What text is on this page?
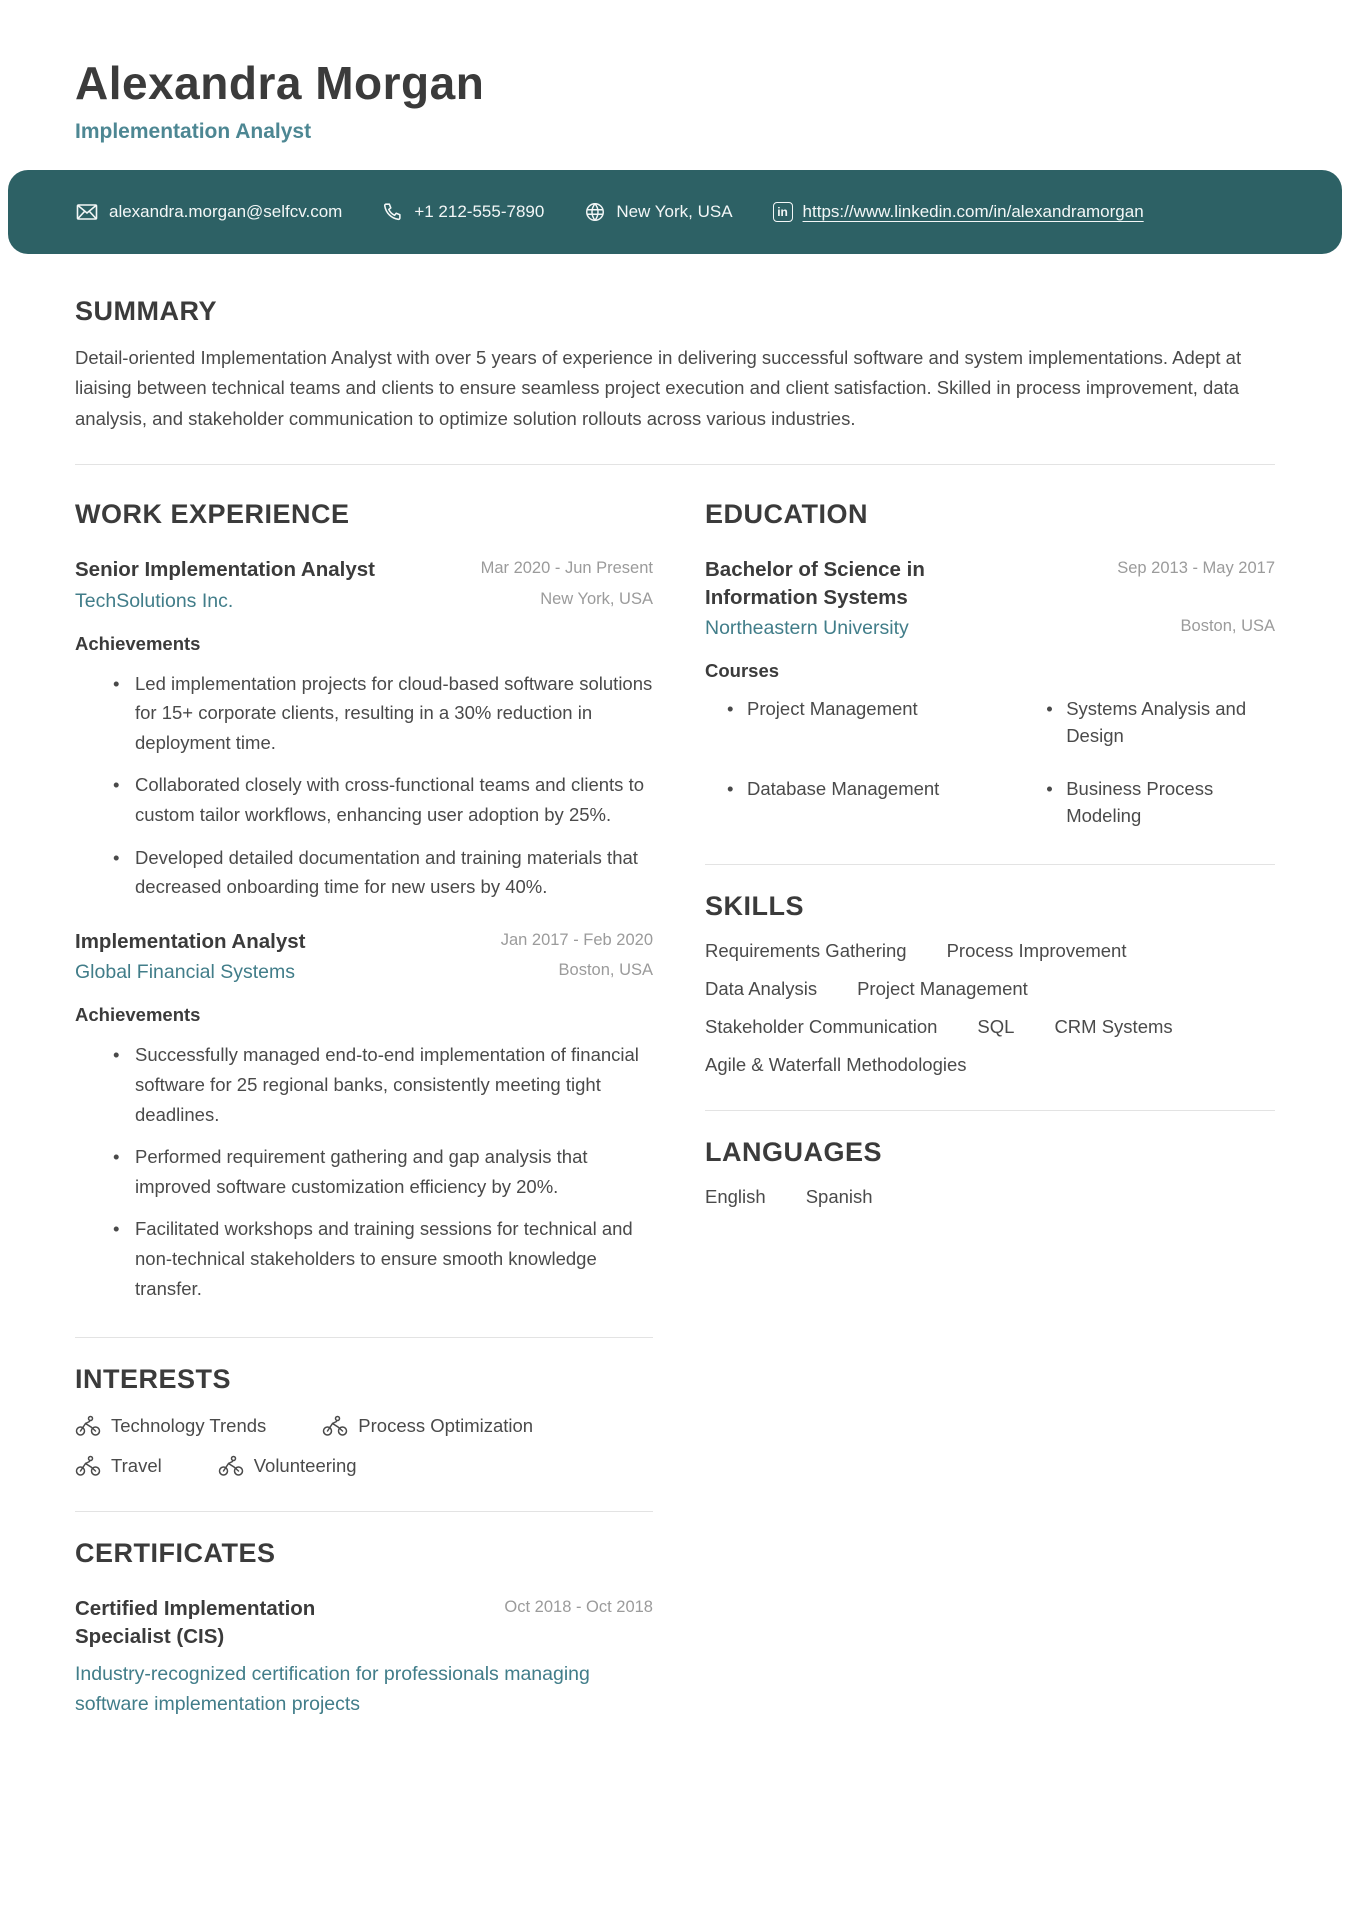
Alexandra Morgan
Implementation Analyst
alexandra.morgan@selfcv.com	+1 212-555-7890	New York, USA	in https://www.linkedin.com/in/alexandramorgan
SUMMARY
Detail-oriented Implementation Analyst with over 5 years of experience in delivering successful software and system implementations. Adept at liaising between technical teams and clients to ensure seamless project execution and client satisfaction. Skilled in process improvement, data analysis, and stakeholder communication to optimize solution rollouts across various industries.
WORK EXPERIENCE
Senior Implementation Analyst	Mar 2020 - Jun Present
TechSolutions Inc.	New York, USA
Achievements
• Led implementation projects for cloud-based software solutions for 15+ corporate clients, resulting in a 30% reduction in deployment time.
• Collaborated closely with cross-functional teams and clients to custom tailor workflows, enhancing user adoption by 25%.
• Developed detailed documentation and training materials that decreased onboarding time for new users by 40%.
Implementation Analyst	Jan 2017 - Feb 2020
Global Financial Systems	Boston, USA
Achievements
• Successfully managed end-to-end implementation of financial software for 25 regional banks, consistently meeting tight deadlines.
• Performed requirement gathering and gap analysis that improved software customization efficiency by 20%.
• Facilitated workshops and training sessions for technical and non-technical stakeholders to ensure smooth knowledge transfer.
INTERESTS
Technology Trends	Process Optimization
Travel	Volunteering
CERTIFICATES
Certified Implementation Specialist (CIS)
Oct 2018 - Oct 2018
Industry-recognized certification for professionals managing software implementation projects
EDUCATION
Bachelor of Science in Information Systems
Sep 2013 - May 2017
Northeastern University	Boston, USA
Courses
• Project Management	• Systems Analysis and Design
• Database Management	• Business Process Modeling
SKILLS
Requirements Gathering Process Improvement
Data Analysis Project Management
Stakeholder Communication SQL CRM Systems
Agile & Waterfall Methodologies
LANGUAGES
English Spanish
